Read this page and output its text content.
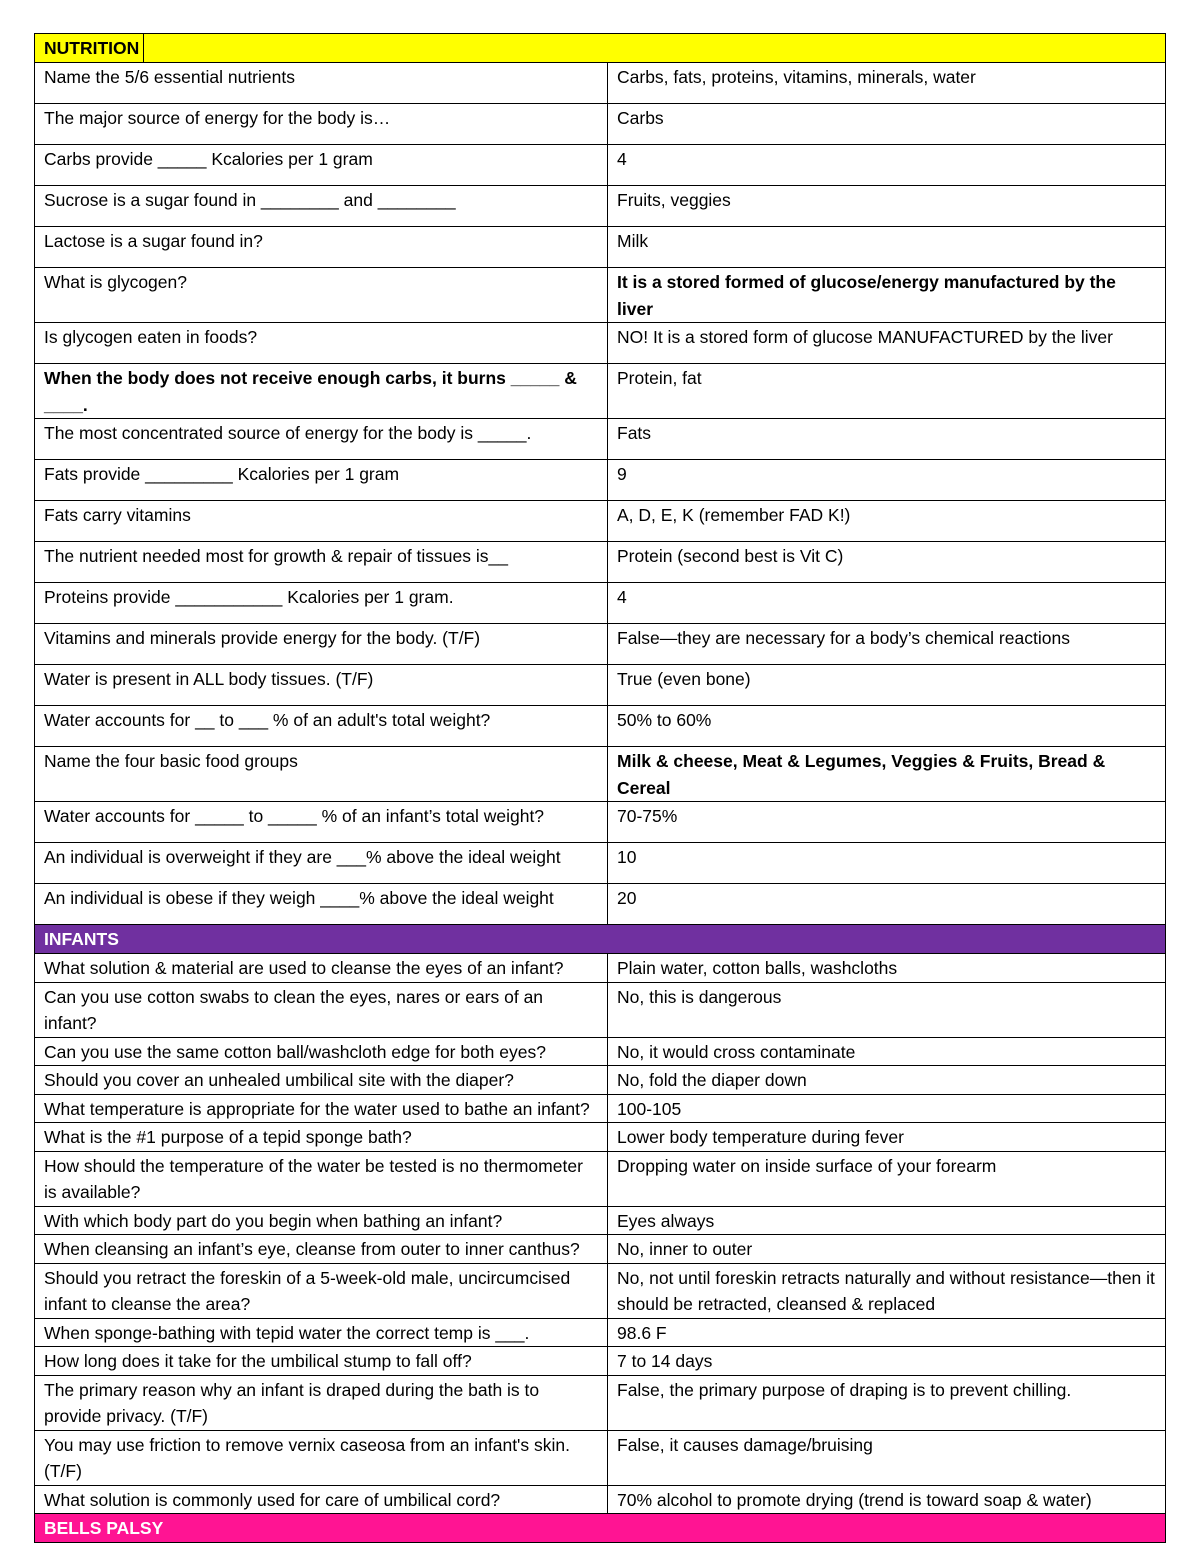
NUTRITION	
Name the 5/6 essential nutrients	Carbs, fats, proteins, vitamins, minerals, water
The major source of energy for the body is…	Carbs
Carbs provide _____ Kcalories per 1 gram	4
Sucrose is a sugar found in ________ and ________	Fruits, veggies
Lactose is a sugar found in?	Milk
What is glycogen?	It is a stored formed of glucose/energy manufactured by the liver
Is glycogen eaten in foods?	NO! It is a stored form of glucose MANUFACTURED by the liver
When the body does not receive enough carbs, it burns _____ & ____.	Protein, fat
The most concentrated source of energy for the body is _____.	Fats
Fats provide _________ Kcalories per 1 gram	9
Fats carry vitamins	A, D, E, K (remember FAD K!)
The nutrient needed most for growth & repair of tissues is__	Protein (second best is Vit C)
Proteins provide ___________ Kcalories per 1 gram.	4
Vitamins and minerals provide energy for the body. (T/F)	False—they are necessary for a body’s chemical reactions
Water is present in ALL body tissues. (T/F)	True (even bone)
Water accounts for __ to ___ % of an adult's total weight?	50% to 60%
Name the four basic food groups	Milk & cheese, Meat & Legumes, Veggies & Fruits, Bread & Cereal
Water accounts for _____ to _____ % of an infant’s total weight?	70-75%
An individual is overweight if they are ___% above the ideal weight	10
An individual is obese if they weigh ____% above the ideal weight	20
INFANTS	
What solution & material are used to cleanse the eyes of an infant?	Plain water, cotton balls, washcloths
Can you use cotton swabs to clean the eyes, nares or ears of an infant?	No, this is dangerous
Can you use the same cotton ball/washcloth edge for both eyes?	No, it would cross contaminate
Should you cover an unhealed umbilical site with the diaper?	No, fold the diaper down
What temperature is appropriate for the water used to bathe an infant?	100-105
What is the #1 purpose of a tepid sponge bath?	Lower body temperature during fever
How should the temperature of the water be tested is no thermometer is available?	Dropping water on inside surface of your forearm
With which body part do you begin when bathing an infant?	Eyes always
When cleansing an infant’s eye, cleanse from outer to inner canthus?	No, inner to outer
Should you retract the foreskin of a 5-week-old male, uncircumcised infant to cleanse the area?	No, not until foreskin retracts naturally and without resistance—then it should be retracted, cleansed & replaced
When sponge-bathing with tepid water the correct temp is ___.	98.6 F
How long does it take for the umbilical stump to fall off?	7 to 14 days
The primary reason why an infant is draped during the bath is to provide privacy. (T/F)	False, the primary purpose of draping is to prevent chilling.
You may use friction to remove vernix caseosa from an infant's skin. (T/F)	False, it causes damage/bruising
What solution is commonly used for care of umbilical cord?	70% alcohol to promote drying (trend is toward soap & water)
BELLS PALSY	
